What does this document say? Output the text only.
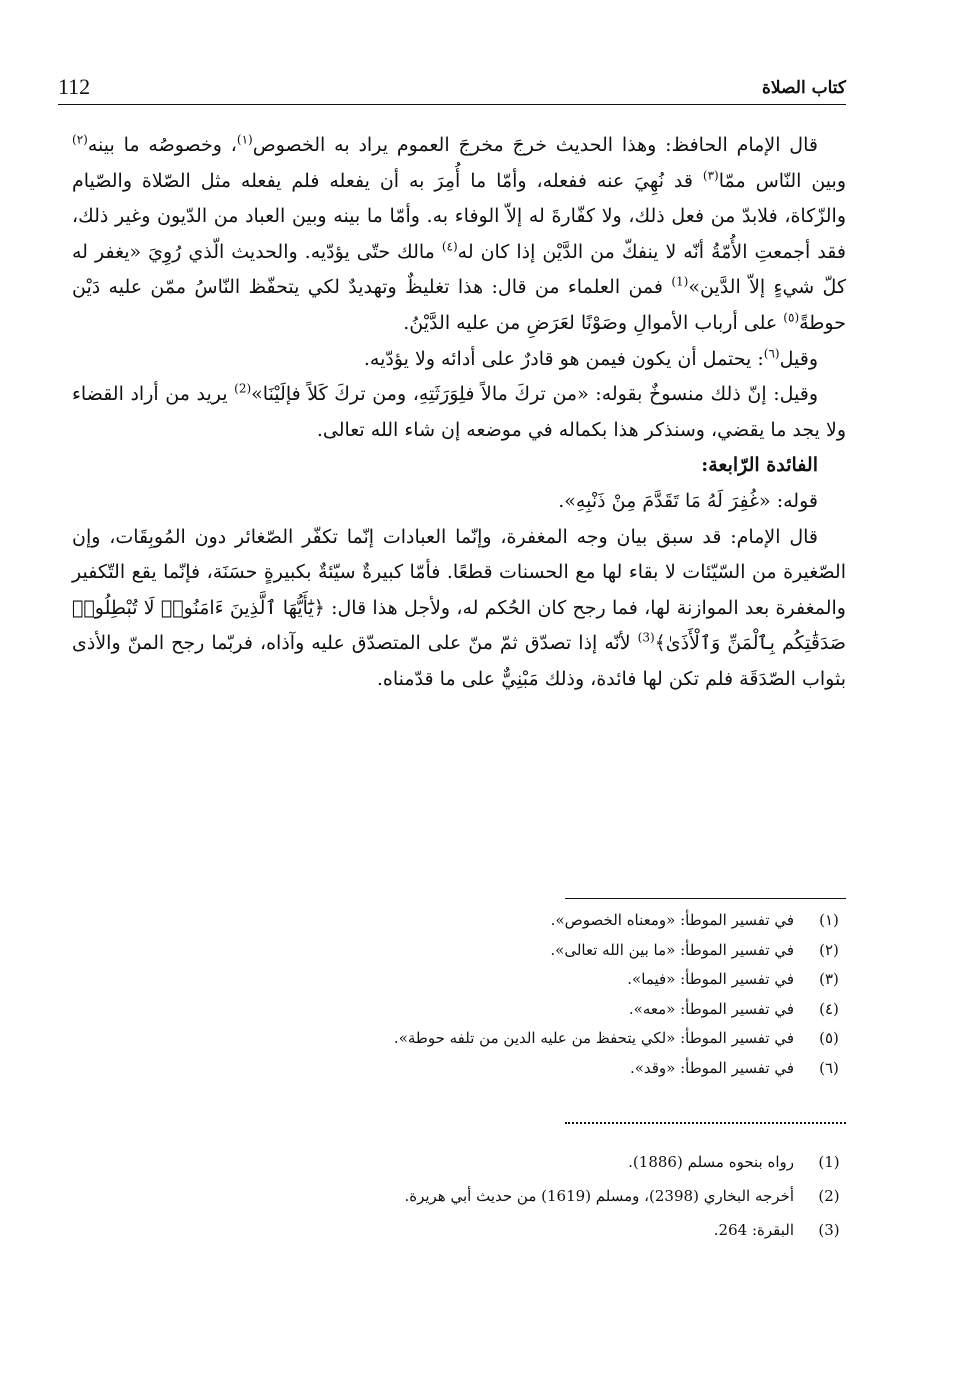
112	كتاب الصلاة

قال الإمام الحافظ: وهذا الحديث خرجَ مخرجَ العموم يراد به الخصوص$^{(١)}$، وخصوصُه ما بينه$^{(٢)}$ وبين النّاس ممّا$^{(٣)}$ قد نُهِيَ عنه ففعله، وأمّا ما أُمِرَ به أن يفعله فلم يفعله مثل الصّلاة والصّيام والزّكاة، فلابدّ من فعل ذلك، ولا كفّارةَ له إلاّ الوفاء به. وأمّا ما بينه وبين العباد من الدّيون وغير ذلك، فقد أجمعتِ الأُمّةُ أنّه لا ينفكّ من الدَّيْن إذا كان له$^{(٤)}$ مالك حتّى يؤدّيه. والحديث الّذي رُوِيَ «يغفر له كلّ شيءٍ إلاّ الدَّين»$^{(1)}$ فمن العلماء من قال: هذا تغليظٌ وتهديدٌ لكي يتحفّظ النّاسُ ممّن عليه دَيْن حوطةً$^{(٥)}$ على أرباب الأموالِ وصَوْنًا لعَرَضِ من عليه الدَّيْنُ.

وقيل$^{(٦)}$: يحتمل أن يكون فيمن هو قادرٌ على أدائه ولا يؤدّيه.

وقيل: إنّ ذلك منسوخٌ بقوله: «من تركَ مالاً فلِوَرَثَتِهِ، ومن تركَ كَلاً فإلَيْنَا»$^{(2)}$ يريد من أراد القضاء ولا يجد ما يقضي، وسنذكر هذا بكماله في موضعه إن شاء الله تعالى.

الفائدة الرّابعة:

قوله: «غُفِرَ لَهُ مَا تَقَدَّمَ مِنْ ذَنْبِهِ».

قال الإمام: قد سبق بيان وجه المغفرة، وإنّما العبادات إنّما تكفّر الصّغائر دون المُوبِقَات، وإن الصّغيرة من السّيّئات لا بقاء لها مع الحسنات قطعًا. فأمّا كبيرةٌ سيّئةٌ بكبيرةٍ حسَنَة، فإنّما يقع التّكفير والمغفرة بعد الموازنة لها، فما رجح كان الحُكم له، ولأجل هذا قال: ﴿يَٰٓأَيُّهَا ٱلَّذِينَ ءَامَنُوا۟ لَا تُبْطِلُوا۟ صَدَقَٰتِكُم بِٱلْمَنِّ وَٱلْأَذَىٰ﴾$^{(3)}$ لأنّه إذا تصدّق ثمّ منّ على المتصدّق عليه وآذاه، فربّما رجح المنّ والأذى بثواب الصّدَقَة فلم تكن لها فائدة، وذلك مَبْنِيٌّ على ما قدّمناه.

(١)
في تفسير الموطأ: «ومعناه الخصوص».
(٢)
في تفسير الموطأ: «ما بين الله تعالى».
(٣)
في تفسير الموطأ: «فيما».
(٤)
في تفسير الموطأ: «معه».
(٥)
في تفسير الموطأ: «لكي يتحفظ من عليه الدين من تلفه حوطة».
(٦)
في تفسير الموطأ: «وقد».
(1)
رواه بنحوه مسلم (1886).
(2)
أخرجه البخاري (2398)، ومسلم (1619) من حديث أبي هريرة.
(3)
البقرة: 264.
